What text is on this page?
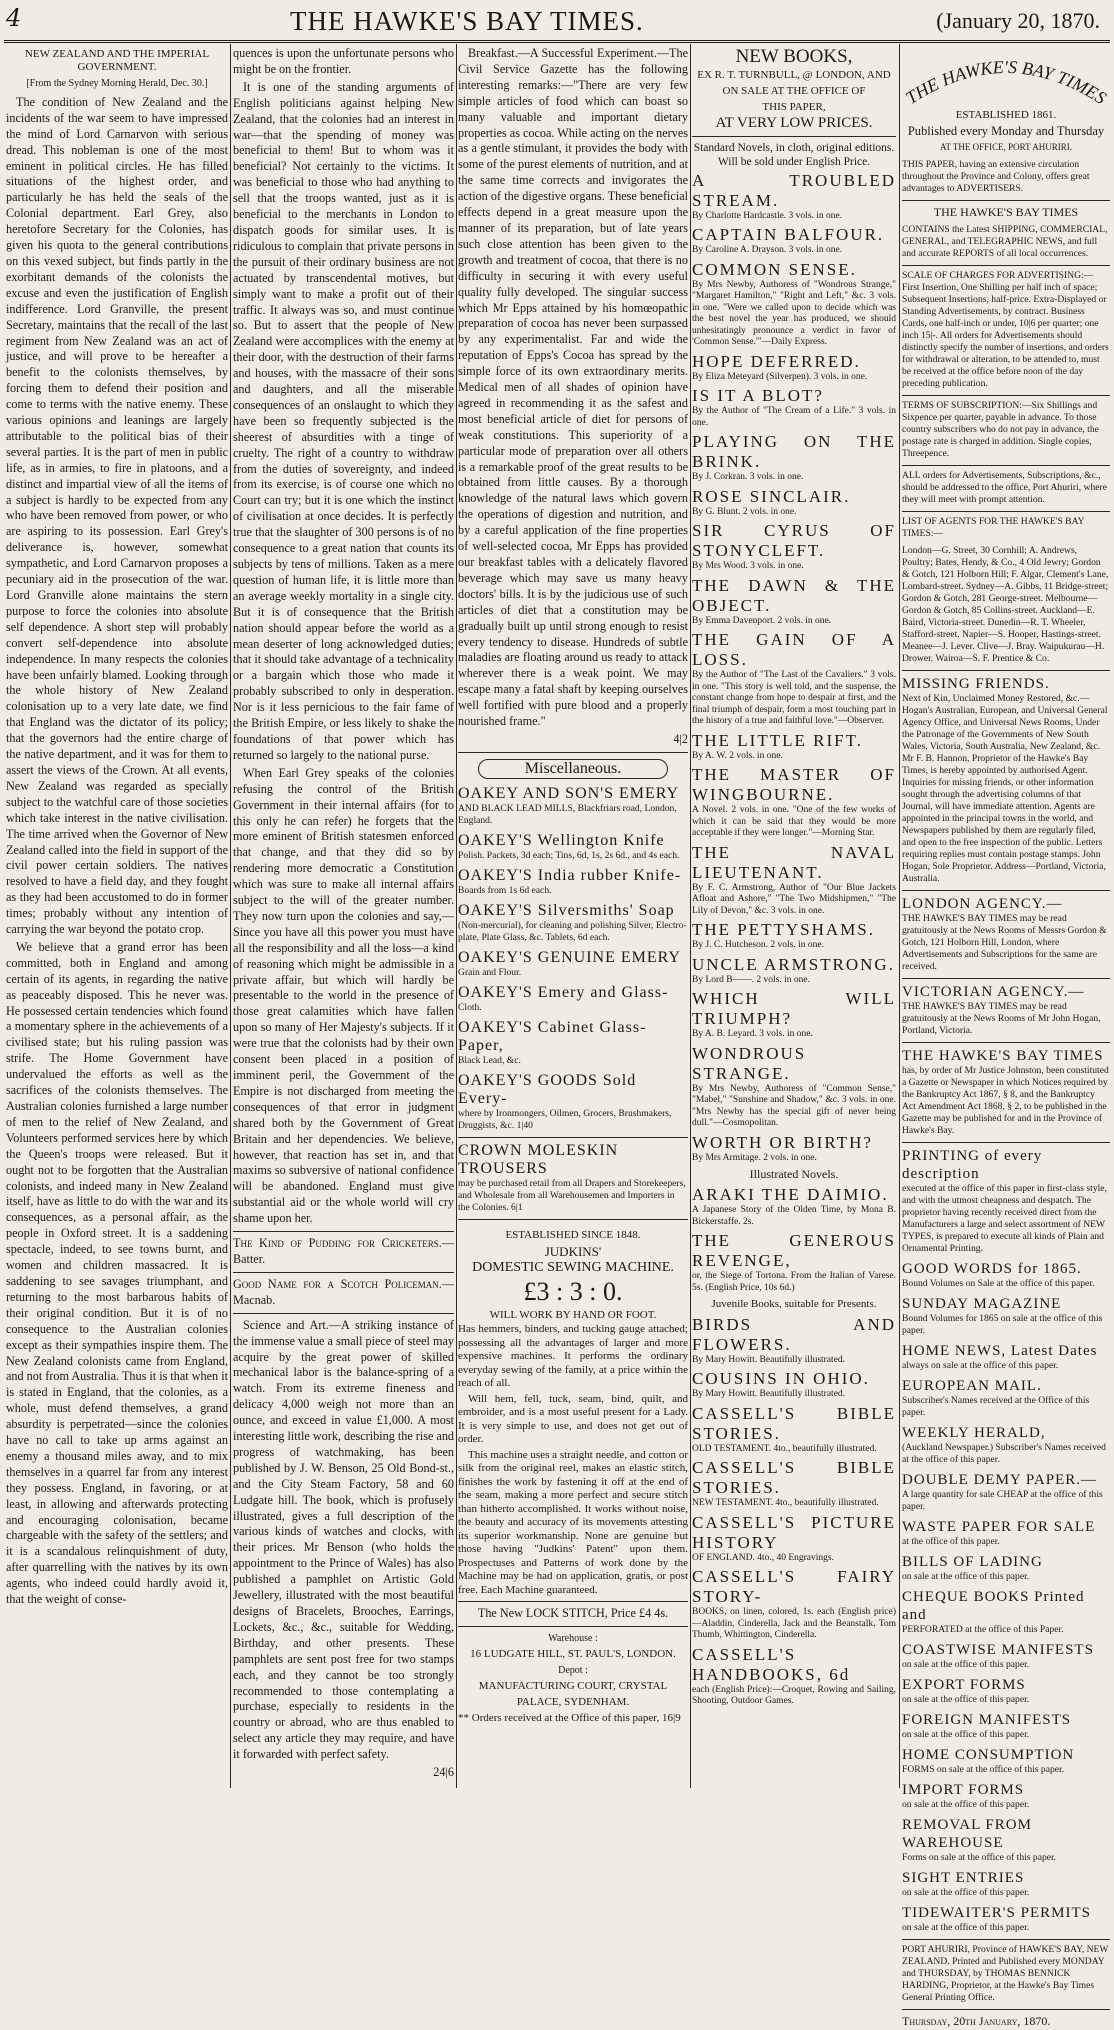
4	THE HAWKE'S BAY TIMES.	(January 20, 1870.
NEW ZEALAND AND THE IMPERIAL GOVERNMENT.
[From the Sydney Morning Herald, Dec. 30.]

The condition of New Zealand and the incidents of the war seem to have impressed the mind of Lord Carnarvon with serious dread. This nobleman is one of the most eminent in political circles. He has filled situations of the highest order, and particularly he has held the seals of the Colonial department. Earl Grey, also heretofore Secretary for the Colonies, has given his quota to the general contributions on this vexed subject, but finds partly in the exorbitant demands of the colonists the excuse and even the justification of English indifference. Lord Granville, the present Secretary, maintains that the recall of the last regiment from New Zealand was an act of justice, and will prove to be hereafter a benefit to the colonists themselves, by forcing them to defend their position and come to terms with the native enemy. These various opinions and leanings are largely attributable to the political bias of their several parties. It is the part of men in public life, as in armies, to fire in platoons, and a distinct and impartial view of all the items of a subject is hardly to be expected from any who have been removed from power, or who are aspiring to its possession. Earl Grey's deliverance is, however, somewhat sympathetic, and Lord Carnarvon proposes a pecuniary aid in the prosecution of the war. Lord Granville alone maintains the stern purpose to force the colonies into absolute self dependence. A short step will probably convert self-dependence into absolute independence. In many respects the colonies have been unfairly blamed. Looking through the whole history of New Zealand colonisation up to a very late date, we find that England was the dictator of its policy; that the governors had the entire charge of the native department, and it was for them to assert the views of the Crown. At all events, New Zealand was regarded as specially subject to the watchful care of those societies which take interest in the native civilisation. The time arrived when the Governor of New Zealand called into the field in support of the civil power certain soldiers. The natives resolved to have a field day, and they fought as they had been accustomed to do in former times; probably without any intention of carrying the war beyond the potato crop.

We believe that a grand error has been committed, both in England and among certain of its agents, in regarding the native as peaceably disposed. This he never was. He possessed certain tendencies which found a momentary sphere in the achievements of a civilised state; but his ruling passion was strife. The Home Government have undervalued the efforts as well as the sacrifices of the colonists themselves. The Australian colonies furnished a large number of men to the relief of New Zealand, and Volunteers performed services here by which the Queen's troops were released. But it ought not to be forgotten that the Australian colonists, and indeed many in New Zealand itself, have as little to do with the war and its consequences, as a personal affair, as the people in Oxford street. It is a saddening spectacle, indeed, to see towns burnt, and women and children massacred. It is saddening to see savages triumphant, and returning to the most barbarous habits of their original condition. But it is of no consequence to the Australian colonies except as their sympathies inspire them. The New Zealand colonists came from England, and not from Australia. Thus it is that when it is stated in England, that the colonies, as a whole, must defend themselves, a grand absurdity is perpetrated—since the colonies have no call to take up arms against an enemy a thousand miles away, and to mix themselves in a quarrel far from any interest they possess. England, in favoring, or at least, in allowing and afterwards protecting and encouraging colonisation, became chargeable with the safety of the settlers; and it is a scandalous relinquishment of duty, after quarrelling with the natives by its own agents, who indeed could hardly avoid it, that the weight of conse-

quences is upon the unfortunate persons who might be on the frontier.

It is one of the standing arguments of English politicians against helping New Zealand, that the colonies had an interest in war—that the spending of money was beneficial to them! But to whom was it beneficial? Not certainly to the victims. It was beneficial to those who had anything to sell that the troops wanted, just as it is beneficial to the merchants in London to dispatch goods for similar uses. It is ridiculous to complain that private persons in the pursuit of their ordinary business are not actuated by transcendental motives, but simply want to make a profit out of their traffic. It always was so, and must continue so. But to assert that the people of New Zealand were accomplices with the enemy at their door, with the destruction of their farms and houses, with the massacre of their sons and daughters, and all the miserable consequences of an onslaught to which they have been so frequently subjected is the sheerest of absurdities with a tinge of cruelty. The right of a country to withdraw from the duties of sovereignty, and indeed from its exercise, is of course one which no Court can try; but it is one which the instinct of civilisation at once decides. It is perfectly true that the slaughter of 300 persons is of no consequence to a great nation that counts its subjects by tens of millions. Taken as a mere question of human life, it is little more than an average weekly mortality in a single city. But it is of consequence that the British nation should appear before the world as a mean deserter of long acknowledged duties; that it should take advantage of a technicality or a bargain which those who made it probably subscribed to only in desperation. Nor is it less pernicious to the fair fame of the British Empire, or less likely to shake the foundations of that power which has returned so largely to the national purse.

When Earl Grey speaks of the colonies refusing the control of the British Government in their internal affairs (for to this only he can refer) he forgets that the more eminent of British statesmen enforced that change, and that they did so by rendering more democratic a Constitution which was sure to make all internal affairs subject to the will of the greater number. They now turn upon the colonies and say,—Since you have all this power you must have all the responsibility and all the loss—a kind of reasoning which might be admissible in a private affair, but which will hardly be presentable to the world in the presence of those great calamities which have fallen upon so many of Her Majesty's subjects. If it were true that the colonists had by their own consent been placed in a position of imminent peril, the Government of the Empire is not discharged from meeting the consequences of that error in judgment shared both by the Government of Great Britain and her dependencies. We believe, however, that reaction has set in, and that maxims so subversive of national confidence will be abandoned. England must give substantial aid or the whole world will cry shame upon her.

The Kind of Pudding for Cricketers.— Batter.

Good Name for a Scotch Policeman.— Macnab.

Science and Art.—A striking instance of the immense value a small piece of steel may acquire by the great power of skilled mechanical labor is the balance-spring of a watch. From its extreme fineness and delicacy 4,000 weigh not more than an ounce, and exceed in value £1,000. A most interesting little work, describing the rise and progress of watchmaking, has been published by J. W. Benson, 25 Old Bond-st., and the City Steam Factory, 58 and 60 Ludgate hill. The book, which is profusely illustrated, gives a full description of the various kinds of watches and clocks, with their prices. Mr Benson (who holds the appointment to the Prince of Wales) has also published a pamphlet on Artistic Gold Jewellery, illustrated with the most beautiful designs of Bracelets, Brooches, Earrings, Lockets, &c., &c., suitable for Wedding, Birthday, and other presents. These pamphlets are sent post free for two stamps each, and they cannot be too strongly recommended to those contemplating a purchase, especially to residents in the country or abroad, who are thus enabled to select any article they may require, and have it forwarded with perfect safety.

24|6

Breakfast.—A Successful Experiment.—The Civil Service Gazette has the following interesting remarks:—"There are very few simple articles of food which can boast so many valuable and important dietary properties as cocoa. While acting on the nerves as a gentle stimulant, it provides the body with some of the purest elements of nutrition, and at the same time corrects and invigorates the action of the digestive organs. These beneficial effects depend in a great measure upon the manner of its preparation, but of late years such close attention has been given to the growth and treatment of cocoa, that there is no difficulty in securing it with every useful quality fully developed. The singular success which Mr Epps attained by his homœopathic preparation of cocoa has never been surpassed by any experimentalist. Far and wide the reputation of Epps's Cocoa has spread by the simple force of its own extraordinary merits. Medical men of all shades of opinion have agreed in recommending it as the safest and most beneficial article of diet for persons of weak constitutions. This superiority of a particular mode of preparation over all others is a remarkable proof of the great results to be obtained from little causes. By a thorough knowledge of the natural laws which govern the operations of digestion and nutrition, and by a careful application of the fine properties of well-selected cocoa, Mr Epps has provided our breakfast tables with a delicately flavored beverage which may save us many heavy doctors' bills. It is by the judicious use of such articles of diet that a constitution may be gradually built up until strong enough to resist every tendency to disease. Hundreds of subtle maladies are floating around us ready to attack wherever there is a weak point. We may escape many a fatal shaft by keeping ourselves well fortified with pure blood and a properly nourished frame."

4|2
Miscellaneous.
OAKEY AND SON'S EMERY
AND BLACK LEAD MILLS, Blackfriars road, London, England.
OAKEY'S Wellington Knife
Polish. Packets, 3d each; Tins, 6d, 1s, 2s 6d., and 4s each.
OAKEY'S India rubber Knife-
Boards from 1s 6d each.
OAKEY'S Silversmiths' Soap
(Non-mercurial), for cleaning and polishing Silver, Electro-plate, Plate Glass, &c. Tablets, 6d each.
OAKEY'S GENUINE EMERY
Grain and Flour.
OAKEY'S Emery and Glass-
Cloth.
OAKEY'S Cabinet Glass-Paper,
Black Lead, &c.
OAKEY'S GOODS Sold Every-
where by Ironmongers, Oilmen, Grocers, Brushmakers, Druggists, &c. 1|40
CROWN MOLESKIN TROUSERS
may be purchased retail from all Drapers and Storekeepers, and Wholesale from all Warehousemen and Importers in the Colonies. 6|1
ESTABLISHED SINCE 1848.
JUDKINS'
DOMESTIC SEWING MACHINE.
£3 : 3 : 0.
WILL WORK BY HAND OR FOOT.

Has hemmers, binders, and tucking gauge attached; possessing all the advantages of larger and more expensive machines. It performs the ordinary everyday sewing of the family, at a price within the reach of all.

Will hem, fell, tuck, seam, bind, quilt, and embroider, and is a most useful present for a Lady. It is very simple to use, and does not get out of order.

This machine uses a straight needle, and cotton or silk from the original reel, makes an elastic stitch, finishes the work by fastening it off at the end of the seam, making a more perfect and secure stitch than hitherto accomplished. It works without noise, the beauty and accuracy of its movements attesting its superior workmanship. None are genuine but those having "Judkins' Patent" upon them. Prospectuses and Patterns of work done by the Machine may be had on application, gratis, or post free. Each Machine guaranteed.

The New LOCK STITCH, Price £4 4s.
Warehouse :
16 LUDGATE HILL, ST. PAUL'S, LONDON.
Depot :
MANUFACTURING COURT, CRYSTAL PALACE, SYDENHAM.
** Orders received at the Office of this paper, 16|9
NEW BOOKS,
EX R. T. TURNBULL, @ LONDON, AND
ON SALE AT THE OFFICE OF
THIS PAPER,
AT VERY LOW PRICES.
Standard Novels, in cloth, original editions. Will be sold under English Price.
A TROUBLED STREAM.
By Charlotte Hardcastle. 3 vols. in one.
CAPTAIN BALFOUR.
By Caroline A. Drayson. 3 vols. in one.
COMMON SENSE.
By Mrs Newby, Authoress of "Wondrous Strange," "Margaret Hamilton," "Right and Left," &c. 3 vols. in one. "Were we called upon to decide which was the best novel the year has produced, we should unhesitatingly pronounce a verdict in favor of 'Common Sense.'"—Daily Express.
HOPE DEFERRED.
By Eliza Meteyard (Silverpen). 3 vols. in one.
IS IT A BLOT?
By the Author of "The Cream of a Life." 3 vols. in one.
PLAYING ON THE BRINK.
By J. Corkran. 3 vols. in one.
ROSE SINCLAIR.
By G. Blunt. 2 vols. in one.
SIR CYRUS OF STONYCLEFT.
By Mrs Wood. 3 vols. in one.
THE DAWN & THE OBJECT.
By Emma Davenport. 2 vols. in one.
THE GAIN OF A LOSS.
By the Author of "The Last of the Cavaliers." 3 vols. in one. "This story is well told, and the suspense, the constant change from hope to despair at first, and the final triumph of despair, form a most touching part in the history of a true and faithful love."—Observer.
THE LITTLE RIFT.
By A. W. 2 vols. in one.
THE MASTER OF WINGBOURNE.
A Novel. 2 vols. in one. "One of the few works of which it can be said that they would be more acceptable if they were longer."—Morning Star.
THE NAVAL LIEUTENANT.
By F. C. Armstrong, Author of "Our Blue Jackets Afloat and Ashore," "The Two Midshipmen," "The Lily of Devon," &c. 3 vols. in one.
THE PETTYSHAMS.
By J. C. Hutcheson. 2 vols. in one.
UNCLE ARMSTRONG.
By Lord B——. 2 vols. in one.
WHICH WILL TRIUMPH?
By A. B. Leyard. 3 vols. in one.
WONDROUS STRANGE.
By Mrs Newby, Authoress of "Common Sense," "Mabel," "Sunshine and Shadow," &c. 3 vols. in one. "Mrs Newby has the special gift of never being dull."—Cosmopolitan.
WORTH OR BIRTH?
By Mrs Armitage. 2 vols. in one.
Illustrated Novels.
ARAKI THE DAIMIO.
A Japanese Story of the Olden Time, by Mona B. Bickerstaffe. 2s.
THE GENEROUS REVENGE,
or, the Siege of Tortona. From the Italian of Varese. 5s. (English Price, 10s 6d.)
Juvenile Books, suitable for Presents.
BIRDS AND FLOWERS.
By Mary Howitt. Beautifully illustrated.
COUSINS IN OHIO.
By Mary Howitt. Beautifully illustrated.
CASSELL'S BIBLE STORIES.
OLD TESTAMENT. 4to., beautifully illustrated.
CASSELL'S BIBLE STORIES.
NEW TESTAMENT. 4to., beautifully illustrated.
CASSELL'S PICTURE HISTORY
OF ENGLAND. 4to., 40 Engravings.
CASSELL'S FAIRY STORY-
BOOKS, on linen, colored, 1s. each (English price)—Aladdin, Cinderella, Jack and the Beanstalk, Tom Thumb, Whittington, Cinderella.
CASSELL'S HANDBOOKS, 6d
each (English Price):—Croquet, Rowing and Sailing, Shooting, Outdoor Games.
THE HAWKE'S BAY TIMES
ESTABLISHED 1861.
Published every Monday and Thursday
AT THE OFFICE, PORT AHURIRI.
THIS PAPER, having an extensive circulation throughout the Province and Colony, offers great advantages to ADVERTISERS.
THE HAWKE'S BAY TIMES
CONTAINS the Latest SHIPPING, COMMERCIAL, GENERAL, and TELEGRAPHIC NEWS, and full and accurate REPORTS of all local occurrences.
SCALE OF CHARGES FOR ADVERTISING:— First Insertion, One Shilling per half inch of space; Subsequent Insertions, half-price. Extra-Displayed or Standing Advertisements, by contract. Business Cards, one half-inch or under, 10|6 per quarter; one inch 15|-. All orders for Advertisements should distinctly specify the number of insertions, and orders for withdrawal or alteration, to be attended to, must be received at the office before noon of the day preceding publication.
TERMS OF SUBSCRIPTION:—Six Shillings and Sixpence per quarter, payable in advance. To those country subscribers who do not pay in advance, the postage rate is charged in addition. Single copies, Threepence.
ALL orders for Advertisements, Subscriptions, &c., should be addressed to the office, Port Ahuriri, where they will meet with prompt attention.
LIST OF AGENTS FOR THE HAWKE'S BAY TIMES:—
London—G. Street, 30 Cornhill; A. Andrews, Poultry; Bates, Hendy, & Co., 4 Old Jewry; Gordon & Gotch, 121 Holborn Hill; F. Algar, Clement's Lane, Lombard-street. Sydney—A. Gibbs, 11 Bridge-street; Gordon & Gotch, 281 George-street. Melbourne—Gordon & Gotch, 85 Collins-street. Auckland—E. Baird, Victoria-street. Dunedin—R. T. Wheeler, Stafford-street. Napier—S. Hooper, Hastings-street. Meanee—J. Lever. Clive—J. Bray. Waipukurau—H. Drower. Wairoa—S. F. Prentice & Co.
MISSING FRIENDS.
Next of Kin, Unclaimed Money Restored, &c.—Hogan's Australian, European, and Universal General Agency Office, and Universal News Rooms, Under the Patronage of the Governments of New South Wales, Victoria, South Australia, New Zealand, &c. Mr F. B. Hannon, Proprietor of the Hawke's Bay Times, is hereby appointed by authorised Agent. Inquiries for missing friends, or other information sought through the advertising columns of that Journal, will have immediate attention. Agents are appointed in the principal towns in the world, and Newspapers published by them are regularly filed, and open to the free inspection of the public. Letters requiring replies must contain postage stamps. John Hogan, Sole Proprietor. Address—Portland, Victoria, Australia.
LONDON AGENCY.—
THE HAWKE'S BAY TIMES may be read gratuitously at the News Rooms of Messrs Gordon & Gotch, 121 Holborn Hill, London, where Advertisements and Subscriptions for the same are received.
VICTORIAN AGENCY.—
THE HAWKE'S BAY TIMES may be read gratuitously at the News Rooms of Mr John Hogan, Portland, Victoria.
THE HAWKE'S BAY TIMES
has, by order of Mr Justice Johnston, been constituted a Gazette or Newspaper in which Notices required by the Bankruptcy Act 1867, § 8, and the Bankruptcy Act Amendment Act 1868, § 2, to be published in the Gazette may be published for and in the Province of Hawke's Bay.
PRINTING of every description
executed at the office of this paper in first-class style, and with the utmost cheapness and despatch. The proprietor having recently received direct from the Manufacturers a large and select assortment of NEW TYPES, is prepared to execute all kinds of Plain and Ornamental Printing.
GOOD WORDS for 1865.
Bound Volumes on Sale at the office of this paper.
SUNDAY MAGAZINE
Bound Volumes for 1865 on sale at the office of this paper.
HOME NEWS, Latest Dates
always on sale at the office of this paper.
EUROPEAN MAIL.
Subscriber's Names received at the Office of this paper.
WEEKLY HERALD,
(Auckland Newspaper.) Subscriber's Names received at the office of this paper.
DOUBLE DEMY PAPER.—
A large quantity for sale CHEAP at the office of this paper.
WASTE PAPER FOR SALE
at the office of this paper.
BILLS OF LADING
on sale at the office of this paper.
CHEQUE BOOKS Printed and
PERFORATED at the office of this Paper.
COASTWISE MANIFESTS
on sale at the office of this paper.
EXPORT FORMS
on sale at the office of this paper.
FOREIGN MANIFESTS
on sale at the office of this paper.
HOME CONSUMPTION
FORMS on sale at the office of this paper.
IMPORT FORMS
on sale at the office of this paper.
REMOVAL FROM WAREHOUSE
Forms on sale at the office of this paper.
SIGHT ENTRIES
on sale at the office of this paper.
TIDEWAITER'S PERMITS
on sale at the office of this paper.
PORT AHURIRI, Province of HAWKE'S BAY, NEW ZEALAND. Printed and Published every MONDAY and THURSDAY, by THOMAS BENNICK HARDING, Proprietor, at the Hawke's Bay Times General Printing Office.
Thursday, 20th January, 1870.
